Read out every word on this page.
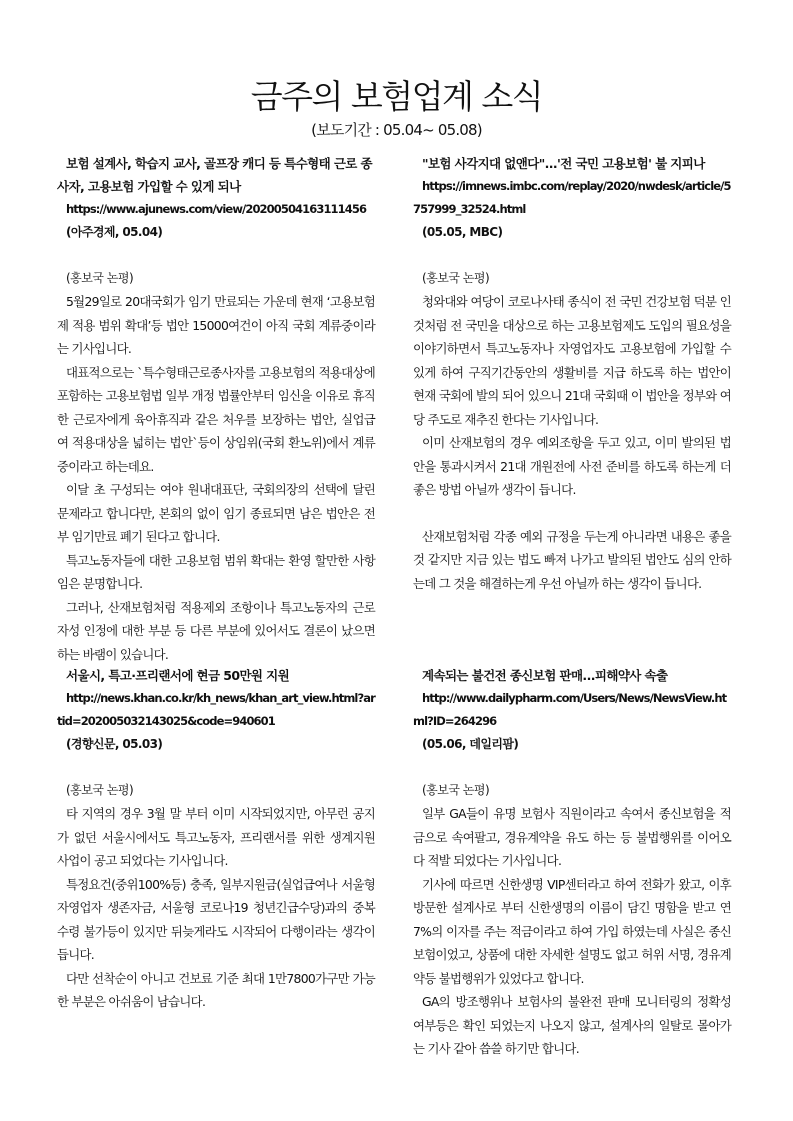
금주의 보험업계 소식
(보도기간 : 05.04~ 05.08)

보험 설계사, 학습지 교사, 골프장 캐디 등 특수형태 근로 종사자, 고용보험 가입할 수 있게 되나

https://www.ajunews.com/view/20200504163111456

(아주경제, 05.04)

(홍보국 논평)

5월29일로 20대국회가 임기 만료되는 가운데 현재 ‘고용보험제 적용 범위 확대’등 법안 15000여건이 아직 국회 계류중이라는 기사입니다.

대표적으로는 `특수형태근로종사자를 고용보험의 적용대상에 포함하는 고용보험법 일부 개정 법률안부터 임신을 이유로 휴직한 근로자에게 육아휴직과 같은 처우를 보장하는 법안, 실업급여 적용대상을 넓히는 법안`등이 상임위(국회 환노위)에서 계류중이라고 하는데요.

이달 초 구성되는 여야 원내대표단, 국회의장의 선택에 달린 문제라고 합니다만, 본회의 없이 임기 종료되면 남은 법안은 전부 임기만료 폐기 된다고 합니다.

특고노동자들에 대한 고용보험 범위 확대는 환영 할만한 사항임은 분명합니다.

그러나, 산재보험처럼 적용제외 조항이나 특고노동자의 근로자성 인정에 대한 부분 등 다른 부분에 있어서도 결론이 났으면 하는 바램이 있습니다.

서울시, 특고·프리랜서에 현금 50만원 지원

http://news.khan.co.kr/kh_news/khan_art_view.html?artid=202005032143025&code=940601

(경향신문, 05.03)

(홍보국 논평)

타 지역의 경우 3월 말 부터 이미 시작되었지만, 아무런 공지가 없던 서울시에서도 특고노동자, 프리랜서를 위한 생계지원 사업이 공고 되었다는 기사입니다.

특정요건(중위100%등) 충족, 일부지원금(실업급여나 서울형 자영업자 생존자금, 서울형 코로나19 청년긴급수당)과의 중복 수령 불가등이 있지만 뒤늦게라도 시작되어 다행이라는 생각이 듭니다.

다만 선착순이 아니고 건보료 기준 최대 1만7800가구만 가능한 부분은 아쉬움이 남습니다.

"보험 사각지대 없앤다"...'전 국민 고용보험' 불 지피나

https://imnews.imbc.com/replay/2020/nwdesk/article/5757999_32524.html

(05.05, MBC)

(홍보국 논평)

청와대와 여당이 코로나사태 종식이 전 국민 건강보험 덕분 인 것처럼 전 국민을 대상으로 하는 고용보험제도 도입의 필요성을 이야기하면서 특고노동자나 자영업자도 고용보험에 가입할 수 있게 하여 구직기간동안의 생활비를 지급 하도록 하는 법안이 현재 국회에 발의 되어 있으니 21대 국회때 이 법안을 정부와 여당 주도로 재추진 한다는 기사입니다.

이미 산재보험의 경우 예외조항을 두고 있고, 이미 발의된 법안을 통과시켜서 21대 개원전에 사전 준비를 하도록 하는게 더 좋은 방법 아닐까 생각이 듭니다.

산재보험처럼 각종 예외 규정을 두는게 아니라면 내용은 좋을 것 같지만 지금 있는 법도 빠져 나가고 발의된 법안도 심의 안하는데 그 것을 해결하는게 우선 아닐까 하는 생각이 듭니다.

계속되는 불건전 종신보험 판매...피해약사 속출

http://www.dailypharm.com/Users/News/NewsView.html?ID=264296

(05.06, 데일리팜)

(홍보국 논평)

일부 GA들이 유명 보험사 직원이라고 속여서 종신보험을 적금으로 속여팔고, 경유계약을 유도 하는 등 불법행위를 이어오다 적발 되었다는 기사입니다.

기사에 따르면 신한생명 VIP센터라고 하여 전화가 왔고, 이후 방문한 설계사로 부터 신한생명의 이름이 담긴 명함을 받고 연 7%의 이자를 주는 적금이라고 하여 가입 하였는데 사실은 종신보험이었고, 상품에 대한 자세한 설명도 없고 허위 서명, 경유계약등 불법행위가 있었다고 합니다.

GA의 방조행위나 보험사의 불완전 판매 모니터링의 정확성 여부등은 확인 되었는지 나오지 않고, 설계사의 일탈로 몰아가는 기사 같아 씁쓸 하기만 합니다.
